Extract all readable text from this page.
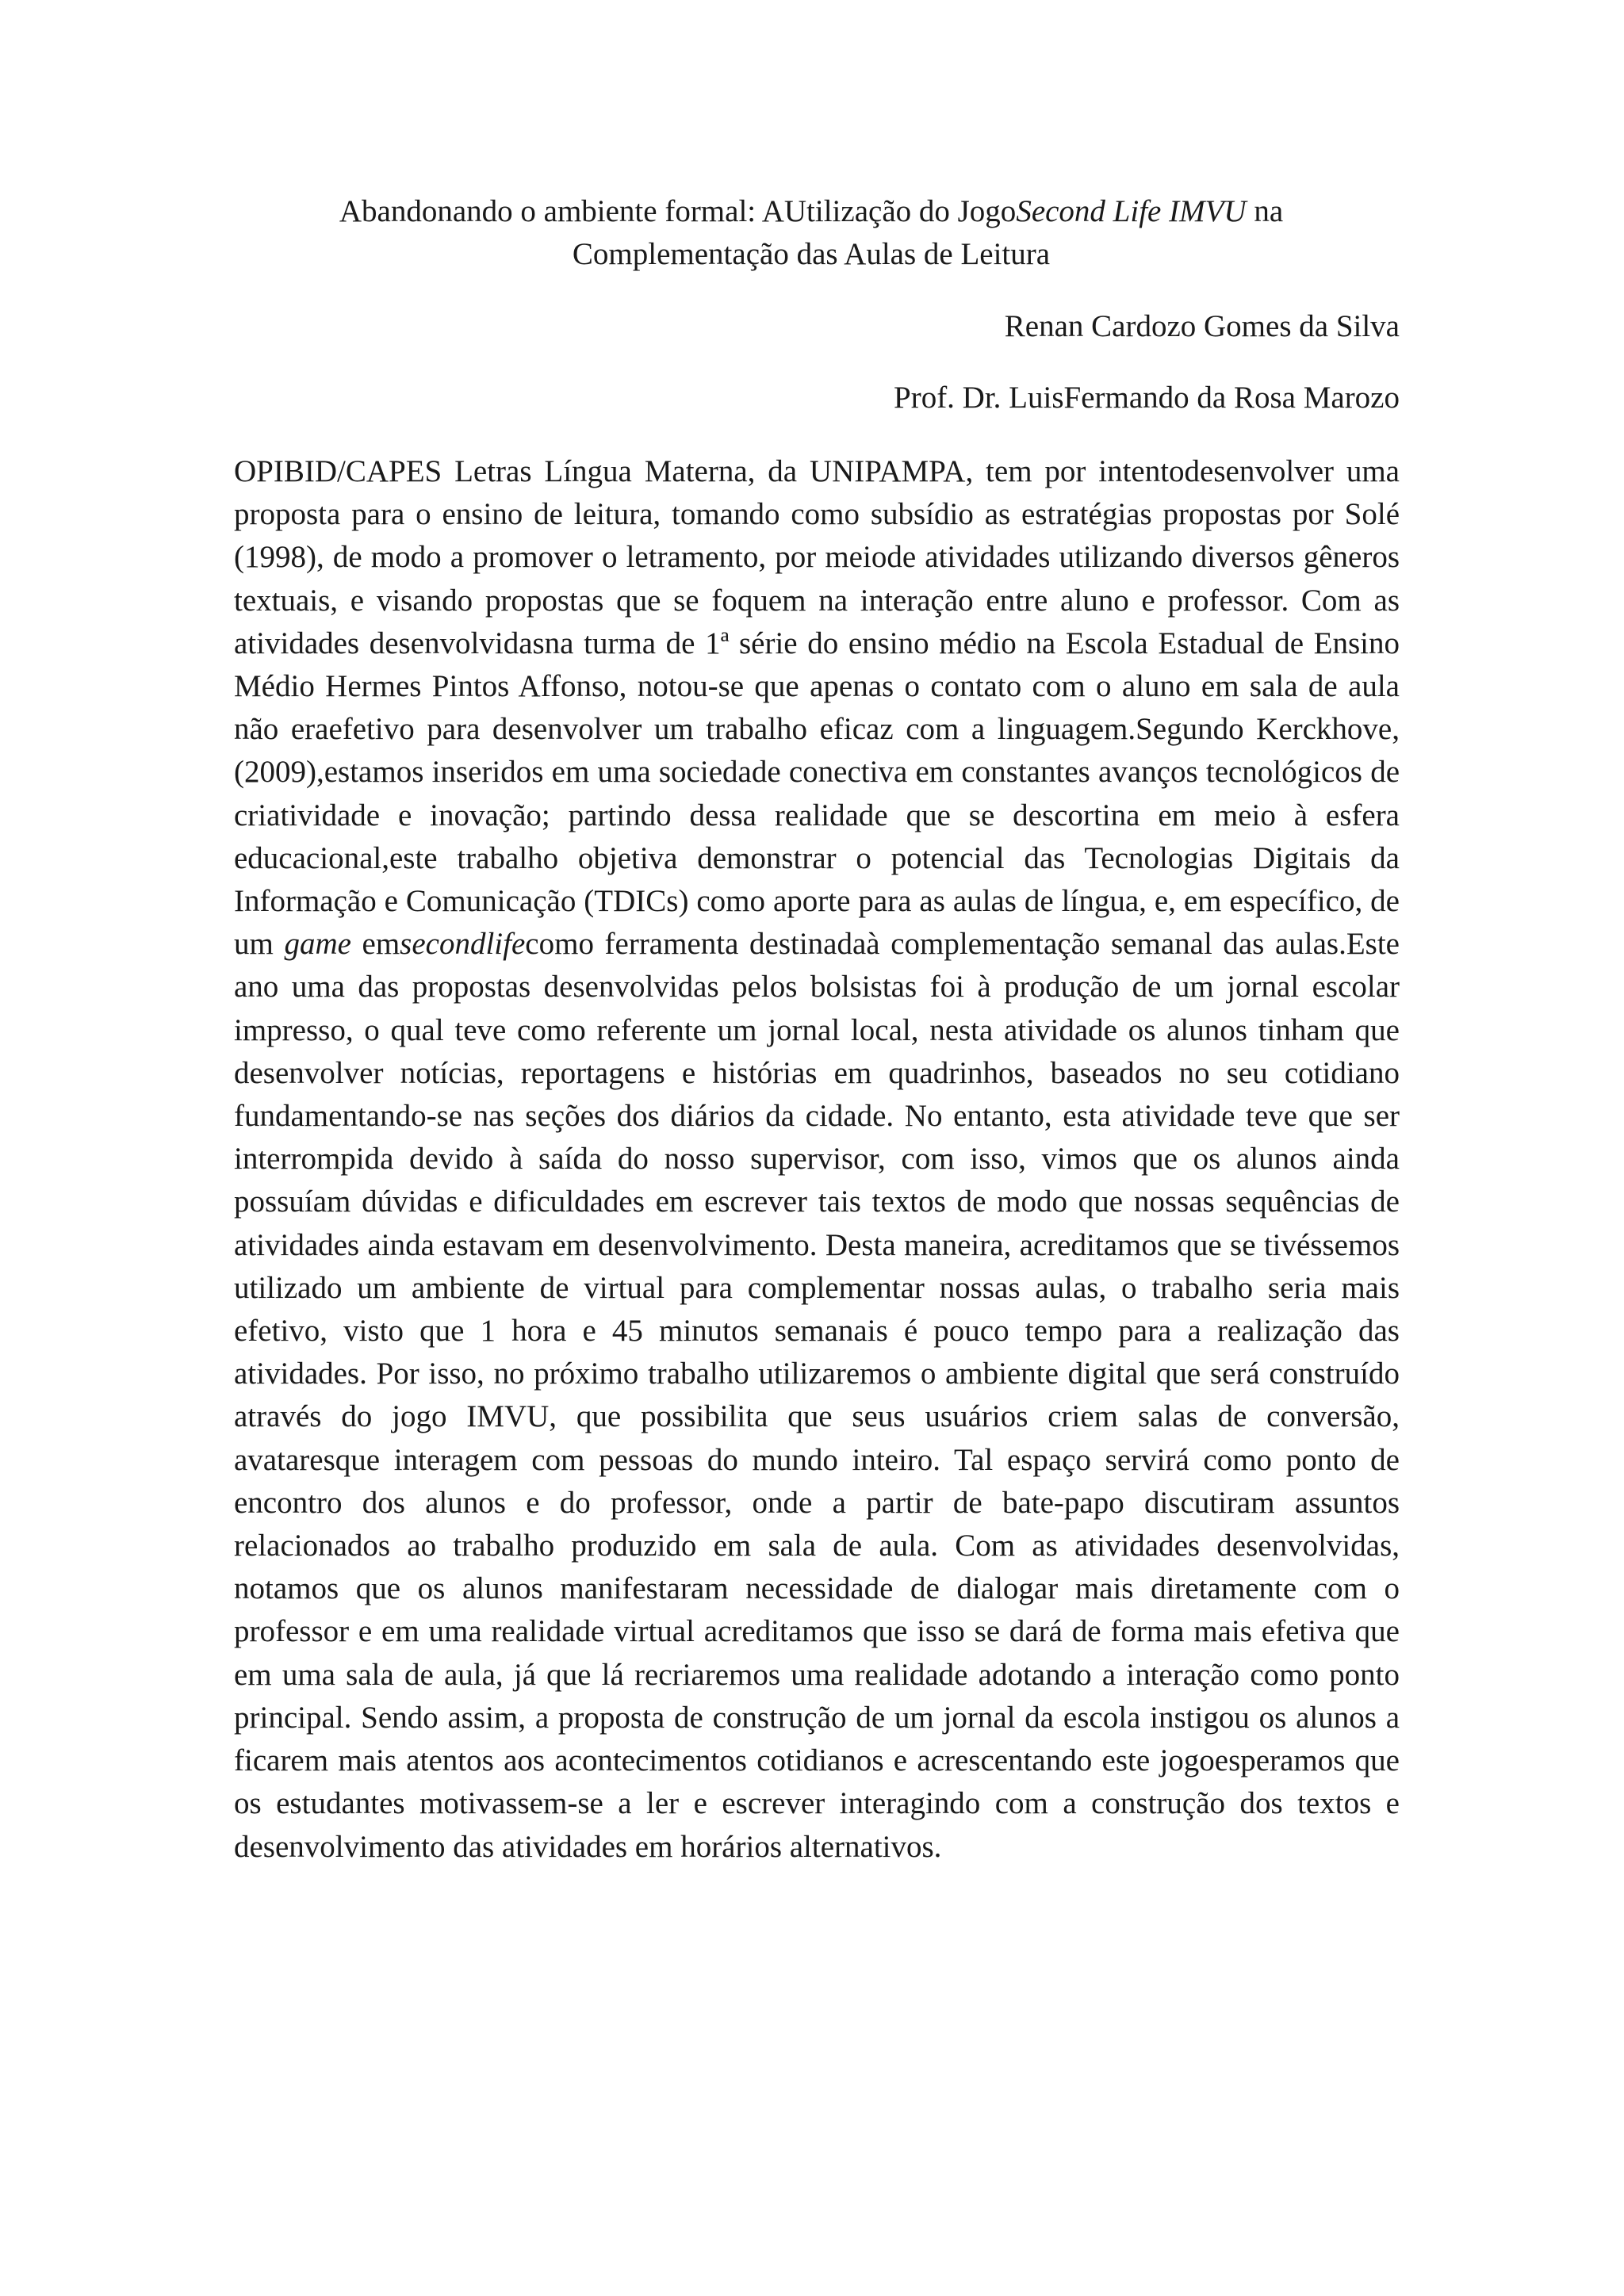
Abandonando o ambiente formal: AUtilização do JogoSecond Life IMVU na
Complementação das Aulas de Leitura

Renan Cardozo Gomes da Silva

Prof. Dr. LuisFermando da Rosa Marozo

OPIBID/CAPES Letras Língua Materna, da UNIPAMPA, tem por intentodesenvolver uma proposta para o ensino de leitura, tomando como subsídio as estratégias propostas por Solé (1998), de modo a promover o letramento, por meiode atividades utilizando diversos gêneros textuais, e visando propostas que se foquem na interação entre aluno e professor. Com as atividades desenvolvidasna turma de 1ª série do ensino médio na Escola Estadual de Ensino Médio Hermes Pintos Affonso, notou-se que apenas o contato com o aluno em sala de aula não eraefetivo para desenvolver um trabalho eficaz com a linguagem.Segundo Kerckhove, (2009),estamos inseridos em uma sociedade conectiva em constantes avanços tecnológicos de criatividade e inovação; partindo dessa realidade que se descortina em meio à esfera educacional,este trabalho objetiva demonstrar o potencial das Tecnologias Digitais da Informação e Comunicação (TDICs) como aporte para as aulas de língua, e, em específico, de um game emsecondlifecomo ferramenta destinadaà complementação semanal das aulas.Este ano uma das propostas desenvolvidas pelos bolsistas foi à produção de um jornal escolar impresso, o qual teve como referente um jornal local, nesta atividade os alunos tinham que desenvolver notícias, reportagens e histórias em quadrinhos, baseados no seu cotidiano fundamentando-se nas seções dos diários da cidade. No entanto, esta atividade teve que ser interrompida devido à saída do nosso supervisor, com isso, vimos que os alunos ainda possuíam dúvidas e dificuldades em escrever tais textos de modo que nossas sequências de atividades ainda estavam em desenvolvimento. Desta maneira, acreditamos que se tivéssemos utilizado um ambiente de virtual para complementar nossas aulas, o trabalho seria mais efetivo, visto que 1 hora e 45 minutos semanais é pouco tempo para a realização das atividades. Por isso, no próximo trabalho utilizaremos o ambiente digital que será construído através do jogo IMVU, que possibilita que seus usuários criem salas de conversão, avataresque interagem com pessoas do mundo inteiro. Tal espaço servirá como ponto de encontro dos alunos e do professor, onde a partir de bate-papo discutiram assuntos relacionados ao trabalho produzido em sala de aula. Com as atividades desenvolvidas, notamos que os alunos manifestaram necessidade de dialogar mais diretamente com o professor e em uma realidade virtual acreditamos que isso se dará de forma mais efetiva que em uma sala de aula, já que lá recriaremos uma realidade adotando a interação como ponto principal. Sendo assim, a proposta de construção de um jornal da escola instigou os alunos a ficarem mais atentos aos acontecimentos cotidianos e acrescentando este jogoesperamos que os estudantes motivassem-se a ler e escrever interagindo com a construção dos textos e desenvolvimento das atividades em horários alternativos.
